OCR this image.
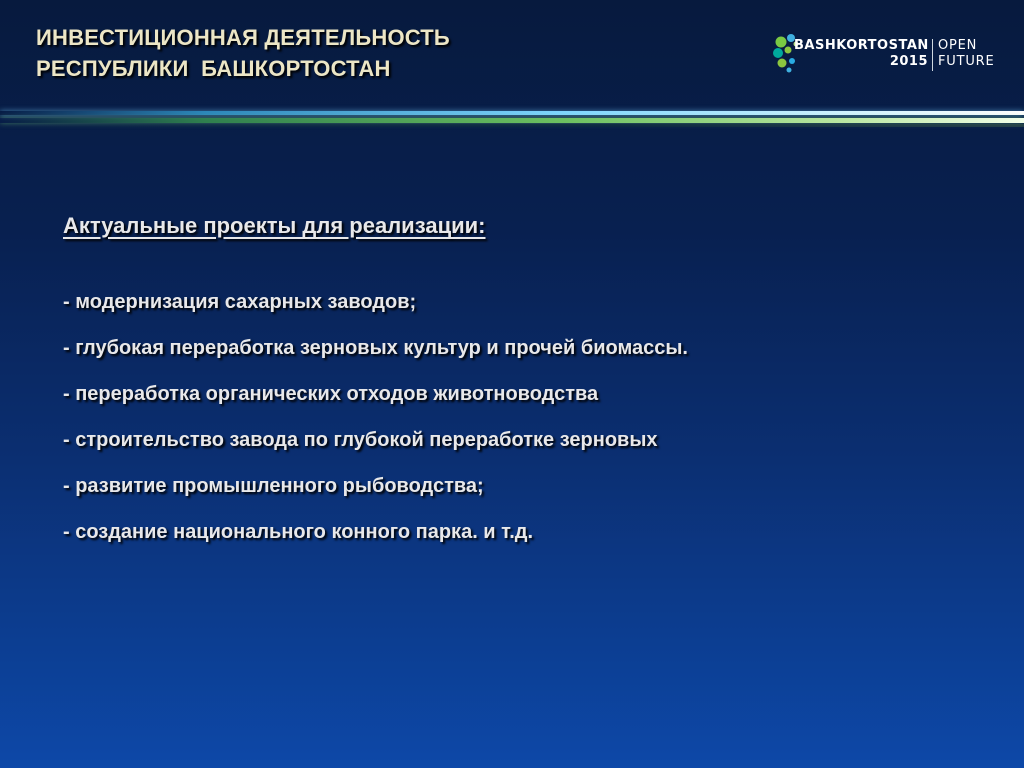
ИНВЕСТИЦИОННАЯ ДЕЯТЕЛЬНОСТЬ
РЕСПУБЛИКИ  БАШКОРТОСТАН
BASHKORTOSTAN
2015
OPEN
FUTURE
Актуальные проекты для реализации:
- модернизация сахарных заводов;
- глубокая переработка зерновых культур и прочей биомассы.
- переработка органических отходов животноводства
- строительство завода по глубокой переработке зерновых
- развитие промышленного рыбоводства;
- создание национального конного парка. и т.д.
